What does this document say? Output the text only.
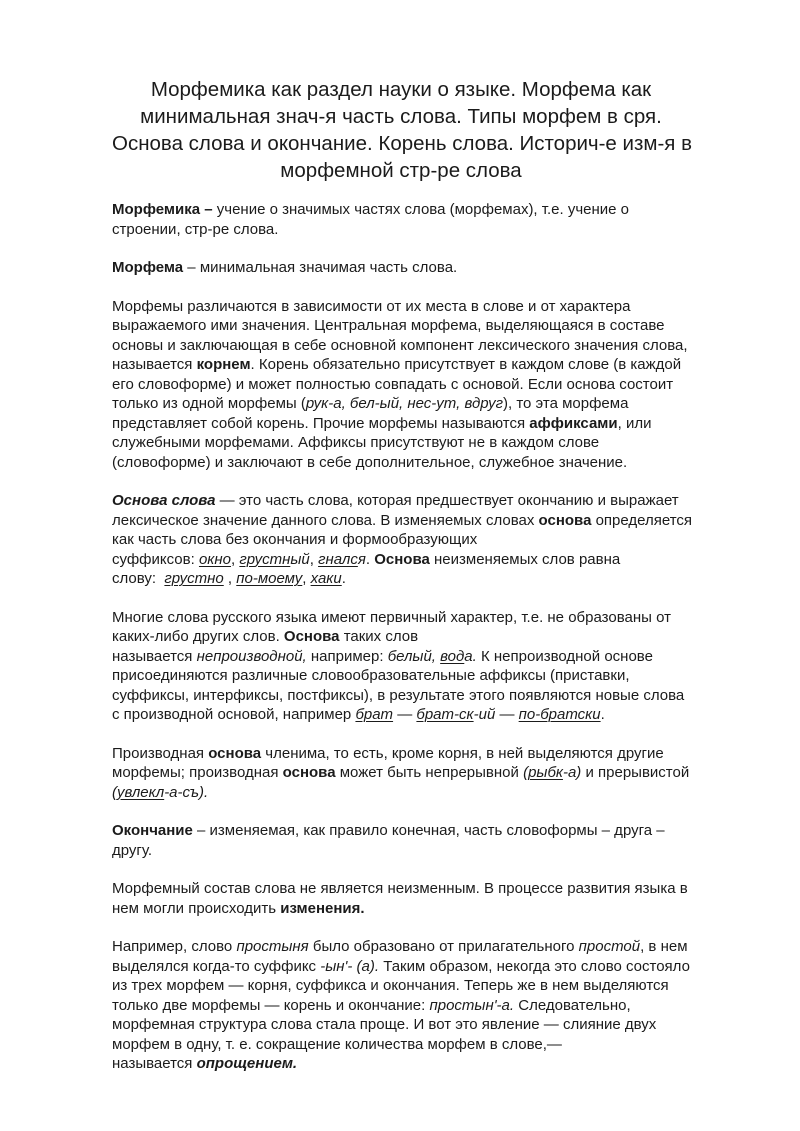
Морфемика как раздел науки о языке. Морфема как
минимальная знач-я часть слова. Типы морфем в сря.
Основа слова и окончание. Корень слова. Историч-е изм-я в
морфемной стр-ре слова

Морфемика – учение о значимых частях слова (морфемах), т.е. учение о
строении, стр-ре слова.

Морфема – минимальная значимая часть слова.

Морфемы различаются в зависимости от их места в слове и от характера
выражаемого ими значения. Центральная морфема, выделяющаяся в составе
основы и заключающая в себе основной компонент лексического значения слова,
называется корнем. Корень обязательно присутствует в каждом слове (в каждой
его словоформе) и может полностью совпадать с основой. Если основа состоит
только из одной морфемы (рук-а, бел-ый, нес-ут, вдруг), то эта морфема
представляет собой корень. Прочие морфемы называются аффиксами, или
служебными морфемами. Аффиксы присутствуют не в каждом слове
(словоформе) и заключают в себе дополнительное, служебное значение.

Основа слова — это часть слова, которая предшествует окончанию и выражает
лексическое значение данного слова. В изменяемых словах основа определяется
как часть слова без окончания и формообразующих
суффиксов: окно, грустный, гнался. Основа неизменяемых слов равна
слову:  грустно , по-моему, хаки.

Многие слова русского языка имеют первичный характер, т.е. не образованы от
каких-либо других слов. Основа таких слов
называется непроизводной, например: белый, вода. К непроизводной основе
присоединяются различные словообразовательные аффиксы (приставки,
суффиксы, интерфиксы, постфиксы), в результате этого появляются новые слова
с производной основой, например брат — брат-ск-ий — по-братски.

Производная основа членима, то есть, кроме корня, в ней выделяются другие
морфемы; производная основа может быть непрерывной (рыбк-а) и прерывистой
(увлекл-а-съ).

Окончание – изменяемая, как правило конечная, часть словоформы – друга –
другу.

Морфемный состав слова не является неизменным. В процессе развития языка в
нем могли происходить изменения.

Например, слово простыня было образовано от прилагательного простой, в нем
выделялся когда-то суффикс -ын'- (а). Таким образом, некогда это слово состояло
из трех морфем — корня, суффикса и окончания. Теперь же в нем выделяются
только две морфемы — корень и окончание: простын'-а. Следовательно,
морфемная структура слова стала проще. И вот это явление — слияние двух
морфем в одну, т. е. сокращение количества морфем в слове,—
называется опрощением.
